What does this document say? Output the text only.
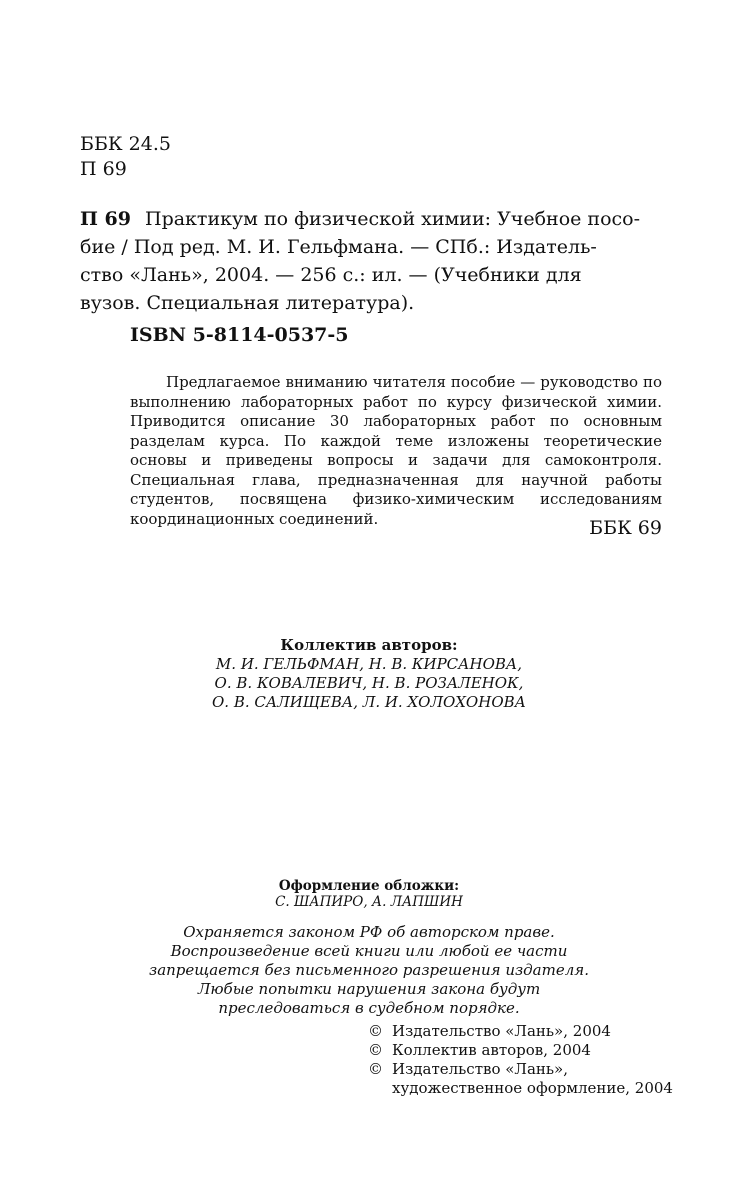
ББК 24.5
П 69
П 69 Практикум по физической химии: Учебное посо-
бие / Под ред. М. И. Гельфмана. — СПб.: Издатель-
ство «Лань», 2004. — 256 с.: ил. — (Учебники для
вузов. Специальная литература).
ISBN 5-8114-0537-5
Предлагаемое вниманию читателя пособие — руководство по выполнению лабораторных работ по курсу физической химии. Приводится описание 30 лабораторных работ по основным разделам курса. По каждой теме изложены теоретические основы и приведены вопросы и задачи для самоконтроля. Специальная глава, предназначенная для научной работы студентов, посвящена физико-химическим исследованиям координационных соединений.	ББК 69
Коллектив авторов:
М. И. ГЕЛЬФМАН, Н. В. КИРСАНОВА,
О. В. КОВАЛЕВИЧ, Н. В. РОЗАЛЕНОК,
О. В. САЛИЩЕВА, Л. И. ХОЛОХОНОВА
Оформление обложки:
С. ШАПИРО, А. ЛАПШИН
Охраняется законом РФ об авторском праве.
Воспроизведение всей книги или любой ее части
запрещается без письменного разрешения издателя.
Любые попытки нарушения закона будут
преследоваться в судебном порядке.
© Издательство «Лань», 2004
© Коллектив авторов, 2004
© Издательство «Лань»,
художественное оформление, 2004
